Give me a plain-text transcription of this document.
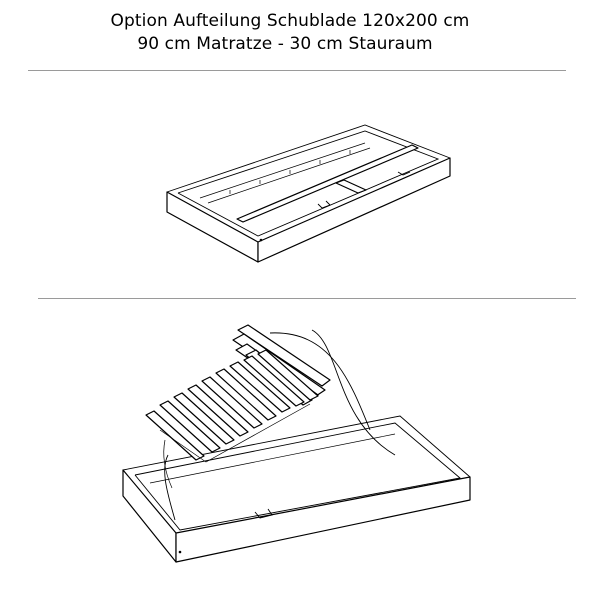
Option Aufteilung Schublade 120x200 cm
90 cm Matratze - 30 cm Stauraum
